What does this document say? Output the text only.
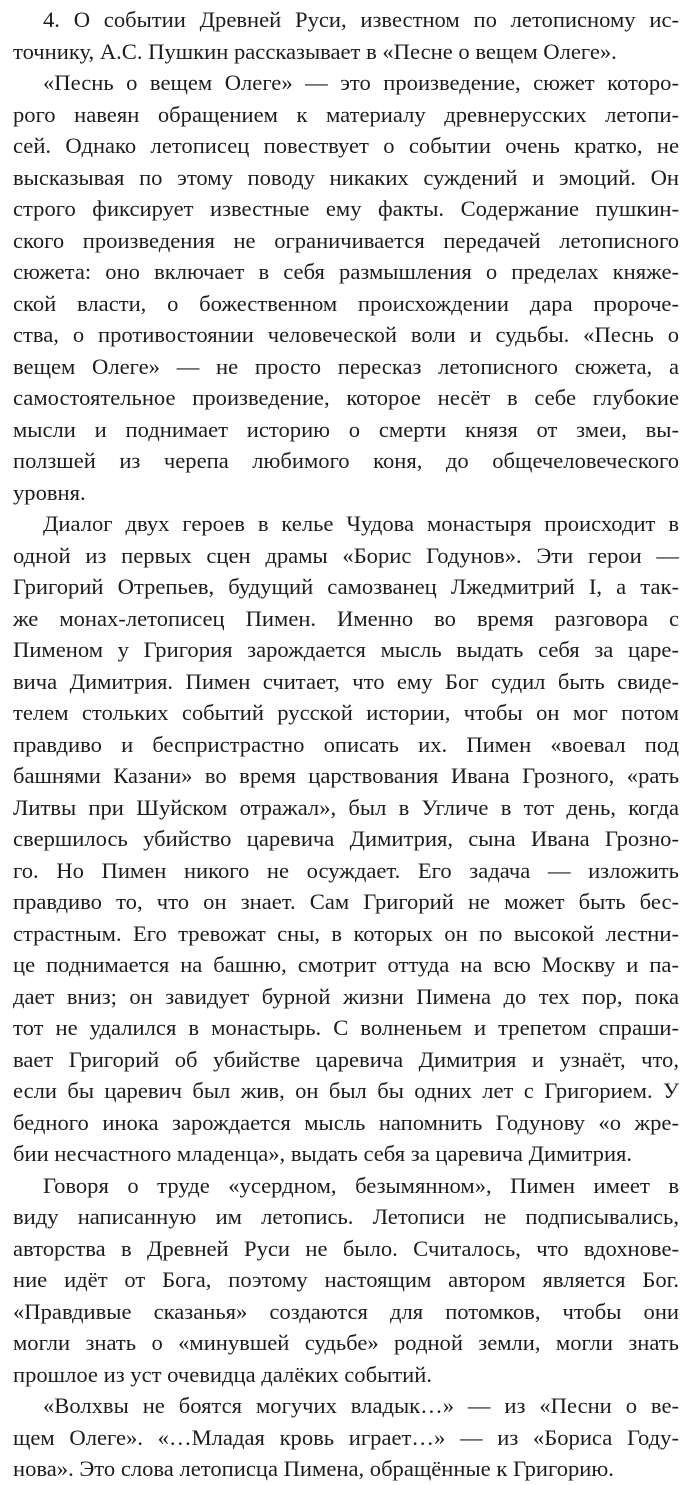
4. О событии Древней Руси, известном по летописному ис-
точнику, А.С. Пушкин рассказывает в «Песне о вещем Олеге».
«Песнь о вещем Олеге» — это произведение, сюжет которо-
рого навеян обращением к материалу древнерусских летопи-
сей. Однако летописец повествует о событии очень кратко, не
высказывая по этому поводу никаких суждений и эмоций. Он
строго фиксирует известные ему факты. Содержание пушкин-
ского произведения не ограничивается передачей летописного
сюжета: оно включает в себя размышления о пределах княже-
ской власти, о божественном происхождении дара пророче-
ства, о противостоянии человеческой воли и судьбы. «Песнь о
вещем Олеге» — не просто пересказ летописного сюжета, а
самостоятельное произведение, которое несёт в себе глубокие
мысли и поднимает историю о смерти князя от змеи, вы-
ползшей из черепа любимого коня, до общечеловеческого
уровня.
Диалог двух героев в келье Чудова монастыря происходит в
одной из первых сцен драмы «Борис Годунов». Эти герои —
Григорий Отрепьев, будущий самозванец Лжедмитрий I, а так-
же монах-летописец Пимен. Именно во время разговора с
Пименом у Григория зарождается мысль выдать себя за царе-
вича Димитрия. Пимен считает, что ему Бог судил быть свиде-
телем стольких событий русской истории, чтобы он мог потом
правдиво и беспристрастно описать их. Пимен «воевал под
башнями Казани» во время царствования Ивана Грозного, «рать
Литвы при Шуйском отражал», был в Угличе в тот день, когда
свершилось убийство царевича Димитрия, сына Ивана Грозно-
го. Но Пимен никого не осуждает. Его задача — изложить
правдиво то, что он знает. Сам Григорий не может быть бес-
страстным. Его тревожат сны, в которых он по высокой лестни-
це поднимается на башню, смотрит оттуда на всю Москву и па-
дает вниз; он завидует бурной жизни Пимена до тех пор, пока
тот не удалился в монастырь. С волненьем и трепетом спраши-
вает Григорий об убийстве царевича Димитрия и узнаёт, что,
если бы царевич был жив, он был бы одних лет с Григорием. У
бедного инока зарождается мысль напомнить Годунову «о жре-
бии несчастного младенца», выдать себя за царевича Димитрия.
Говоря о труде «усердном, безымянном», Пимен имеет в
виду написанную им летопись. Летописи не подписывались,
авторства в Древней Руси не было. Считалось, что вдохнове-
ние идёт от Бога, поэтому настоящим автором является Бог.
«Правдивые сказанья» создаются для потомков, чтобы они
могли знать о «минувшей судьбе» родной земли, могли знать
прошлое из уст очевидца далёких событий.
«Волхвы не боятся могучих владык…» — из «Песни о ве-
щем Олеге». «…Младая кровь играет…» — из «Бориса Году-
нова». Это слова летописца Пимена, обращённые к Григорию.
